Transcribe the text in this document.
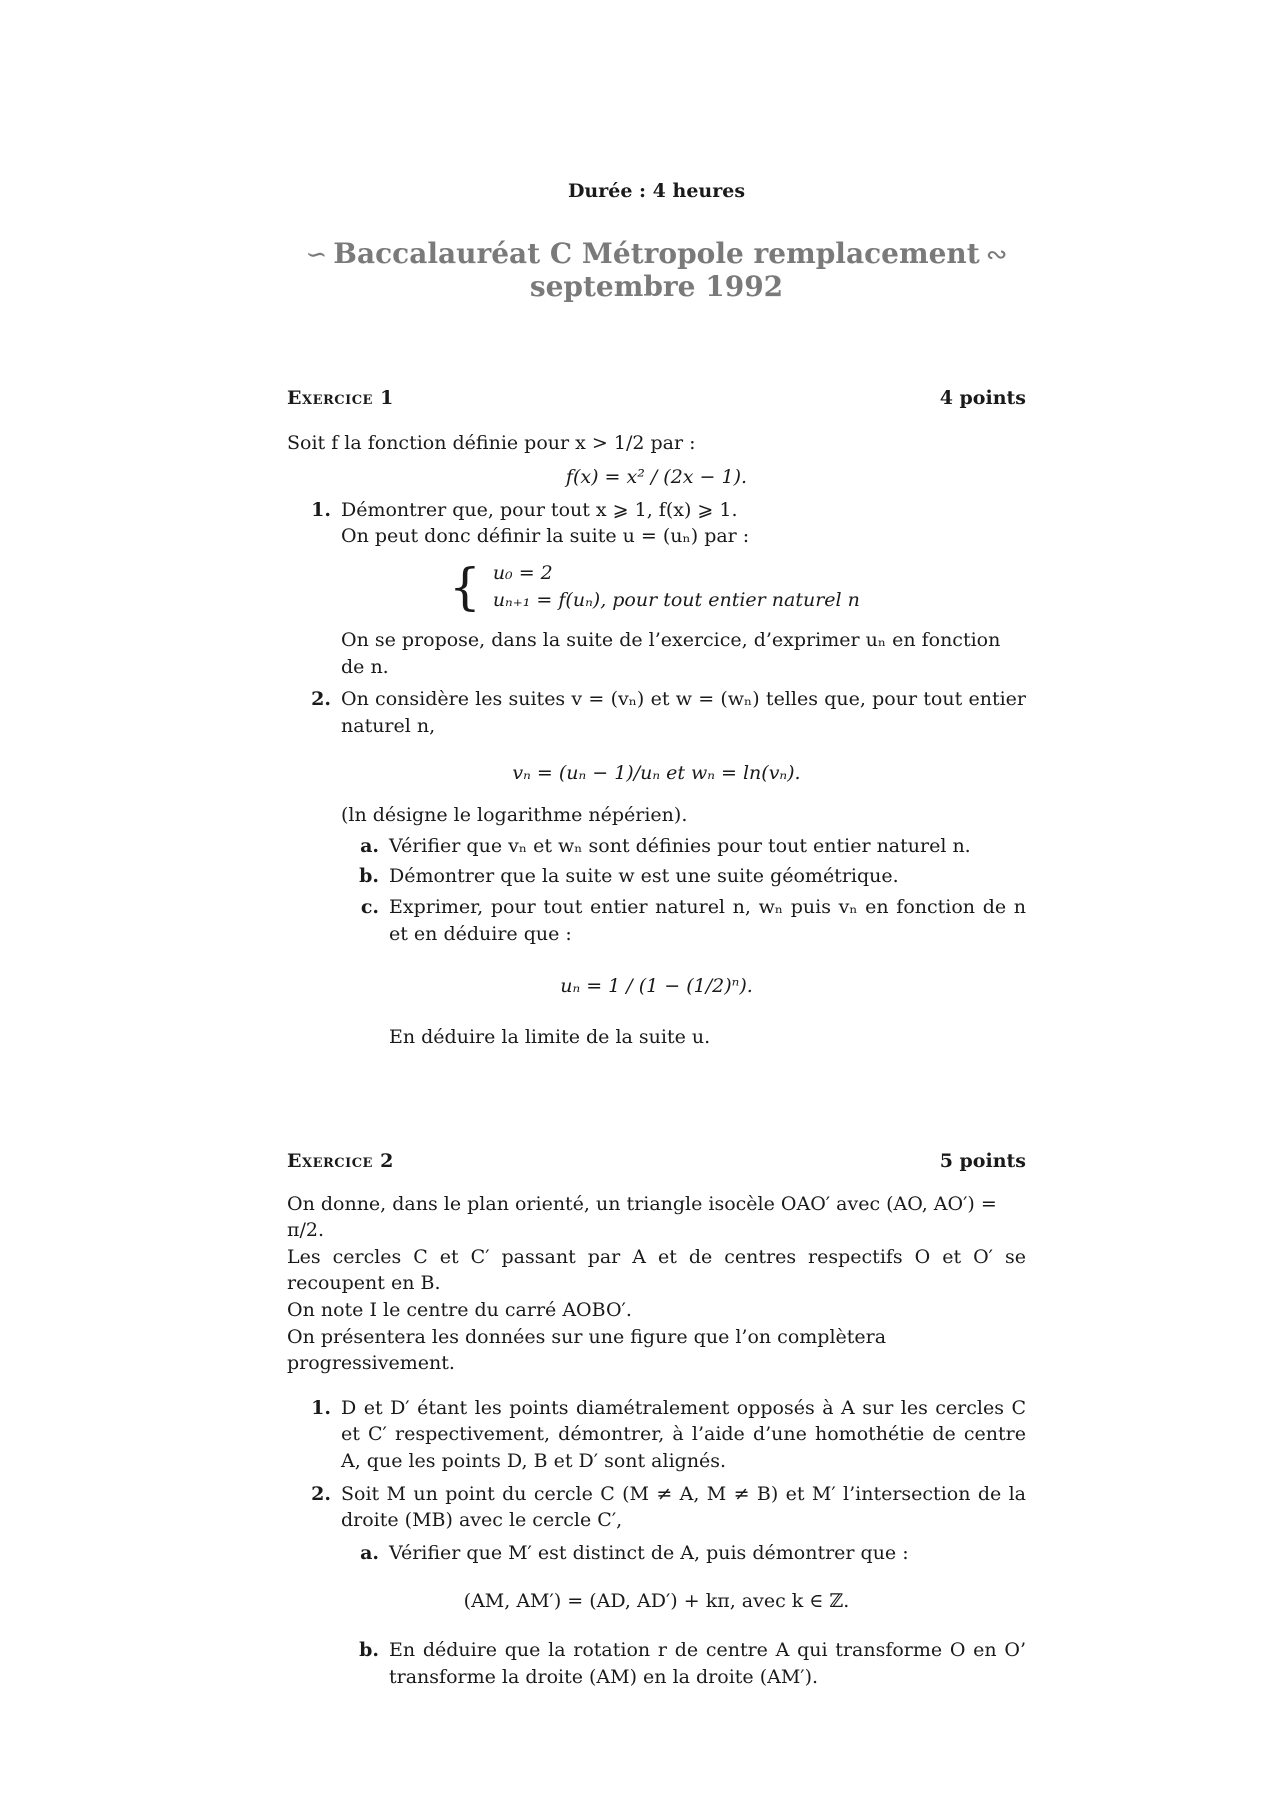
Durée : 4 heures
∽ Baccalauréat C Métropole remplacement ∾
septembre 1992
Exercice 1	4 points

Soit f la fonction définie pour x > 1/2 par :

f(x) = x² / (2x − 1).
1. Démontrer que, pour tout x ⩾ 1, f(x) ⩾ 1.

On peut donc définir la suite u = (uₙ) par :

{ u₀ = 2
uₙ₊₁ = f(uₙ), pour tout entier naturel n

On se propose, dans la suite de l’exercice, d’exprimer uₙ en fonction de n.

2. On considère les suites v = (vₙ) et w = (wₙ) telles que, pour tout entier naturel n,
vₙ = (uₙ − 1)/uₙ et wₙ = ln(vₙ).

(ln désigne le logarithme népérien).

a. Vérifier que vₙ et wₙ sont définies pour tout entier naturel n.
b. Démontrer que la suite w est une suite géométrique.
c. Exprimer, pour tout entier naturel n, wₙ puis vₙ en fonction de n et en déduire que :
uₙ = 1 / (1 − (1/2)ⁿ).

En déduire la limite de la suite u.

Exercice 2	5 points

On donne, dans le plan orienté, un triangle isocèle OAO′ avec (AO, AO′) = π/2.

Les cercles C et C′ passant par A et de centres respectifs O et O′ se recoupent en B.

On note I le centre du carré AOBO′.

On présentera les données sur une figure que l’on complètera progressivement.

1. D et D′ étant les points diamétralement opposés à A sur les cercles C et C′ respectivement, démontrer, à l’aide d’une homothétie de centre A, que les points D, B et D′ sont alignés.
2. Soit M un point du cercle C (M ≠ A, M ≠ B) et M′ l’intersection de la droite (MB) avec le cercle C′,
a. Vérifier que M′ est distinct de A, puis démontrer que :
(AM, AM′) = (AD, AD′) + kπ, avec k ∈ ℤ.
b. En déduire que la rotation r de centre A qui transforme O en O’ transforme la droite (AM) en la droite (AM′).
